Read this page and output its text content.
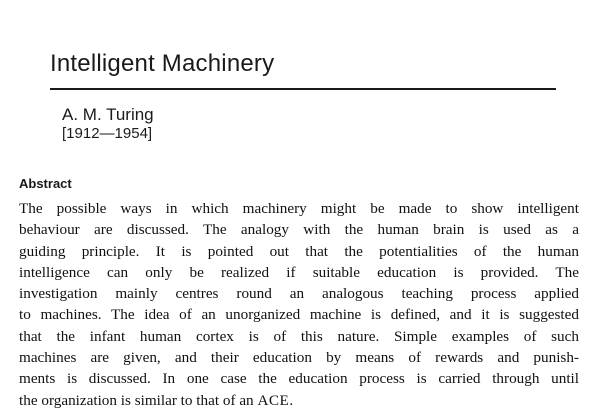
Intelligent Machinery
A. M. Turing
[1912—1954]
Abstract
The possible ways in which machinery might be made to show intelligent
behaviour are discussed. The analogy with the human brain is used as a
guiding principle. It is pointed out that the potentialities of the human
intelligence can only be realized if suitable education is provided. The
investigation mainly centres round an analogous teaching process applied
to machines. The idea of an unorganized machine is defined, and it is suggested
that the infant human cortex is of this nature. Simple examples of such
machines are given, and their education by means of rewards and punish-
ments is discussed. In one case the education process is carried through until
the organization is similar to that of an ACE.
